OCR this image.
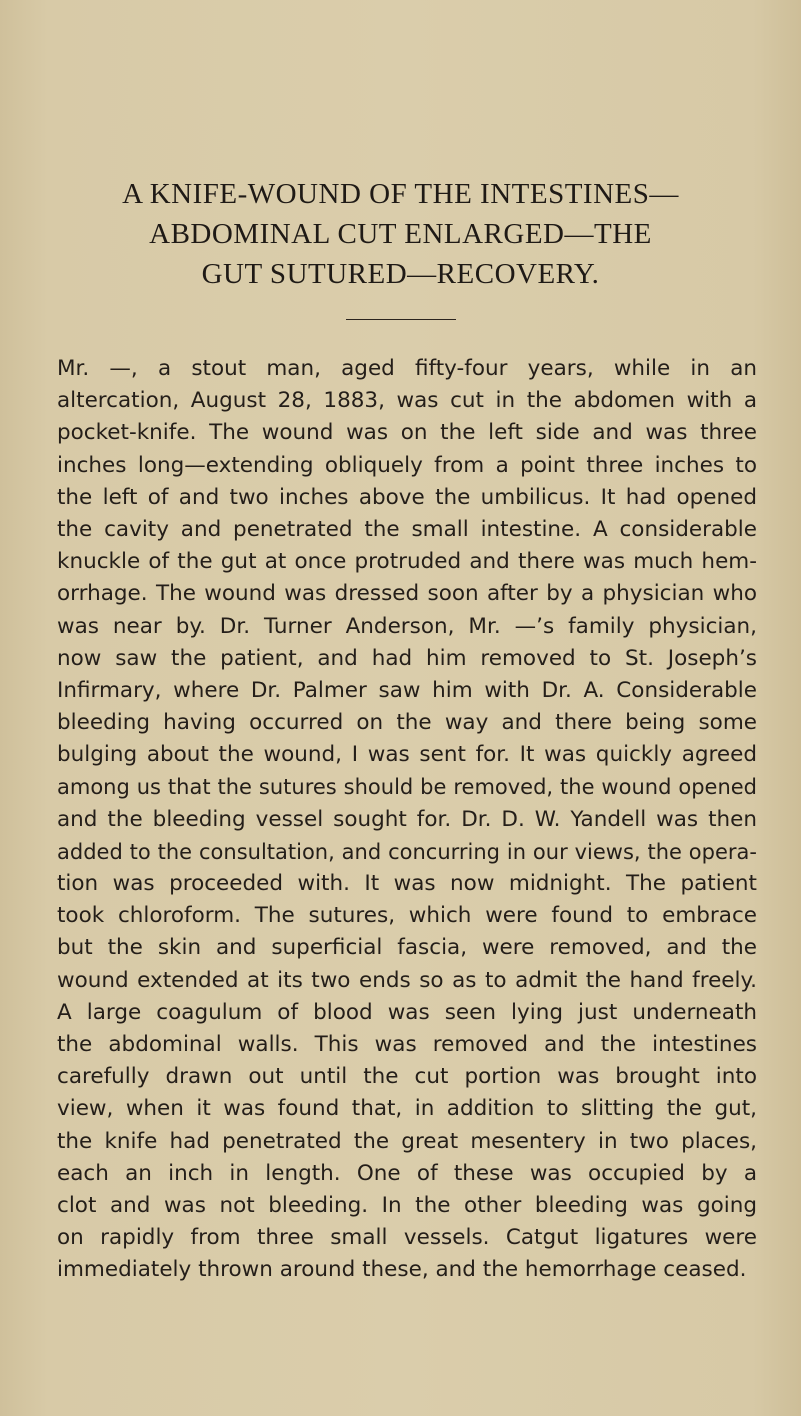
A KNIFE-WOUND OF THE INTESTINES—
ABDOMINAL CUT ENLARGED—THE
GUT SUTURED—RECOVERY.
Mr. —, a stout man, aged fifty-four years, while in an
altercation, August 28, 1883, was cut in the abdomen with a
pocket-knife. The wound was on the left side and was three
inches long—extending obliquely from a point three inches to
the left of and two inches above the umbilicus. It had opened
the cavity and penetrated the small intestine. A considerable
knuckle of the gut at once protruded and there was much hem-
orrhage. The wound was dressed soon after by a physician who
was near by. Dr. Turner Anderson, Mr. —’s family physician,
now saw the patient, and had him removed to St. Joseph’s
Infirmary, where Dr. Palmer saw him with Dr. A. Considerable
bleeding having occurred on the way and there being some
bulging about the wound, I was sent for. It was quickly agreed
among us that the sutures should be removed, the wound opened
and the bleeding vessel sought for. Dr. D. W. Yandell was then
added to the consultation, and concurring in our views, the opera-
tion was proceeded with. It was now midnight. The patient
took chloroform. The sutures, which were found to embrace
but the skin and superficial fascia, were removed, and the
wound extended at its two ends so as to admit the hand freely.
A large coagulum of blood was seen lying just underneath
the abdominal walls. This was removed and the intestines
carefully drawn out until the cut portion was brought into
view, when it was found that, in addition to slitting the gut,
the knife had penetrated the great mesentery in two places,
each an inch in length. One of these was occupied by a
clot and was not bleeding. In the other bleeding was going
on rapidly from three small vessels. Catgut ligatures were
immediately thrown around these, and the hemorrhage ceased.
